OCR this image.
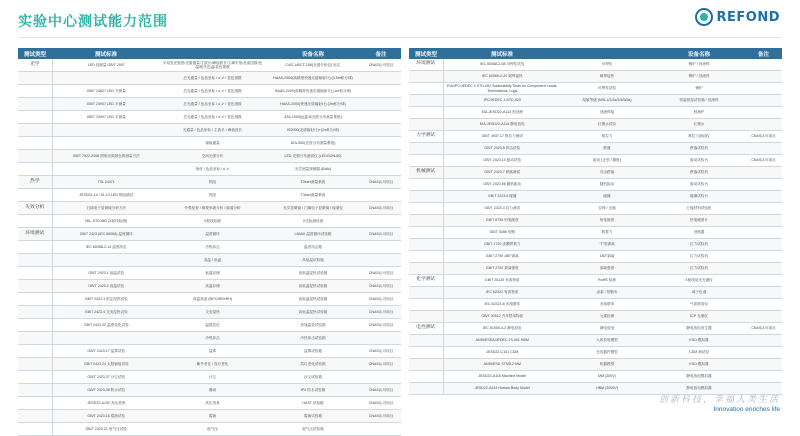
实验中心测试能力范围	REFOND
测试类型	测试标准		设备名称	备注
光学	LED 封测量 GB/T 2907	平均发光强度/光谱通量/主波长/峰值波长/主峰半宽/品质因数/色温/相关色温/显色指数	CAS-140CT-156(光谱分析仪) 标定	CNAS认可项目
		总光通量 / 色品坐标 / u',v' / 显色指数	HAAS-2000(高精度快速光谱辐射计) (0.5m积分球)	
	GB/T 24827 LED 外测量	总光通量 / 色品坐标 / u',v' / 显色指数	HAAS-2000(高精度快速光谱辐射计) (1m积分球)	
	GB/T 24907 LED 半测量	总光通量 / 色品坐标 / u',v' / 显色指数	HAAS-2000(快速光谱辐射计) (2m积分球)	
	GB/T 24907 LED 半测量	总光通量 / 色品坐标 / u',v' / 显色指数	ATA-1000(远距离光度分布测量系统)	
		光通量 / 色品坐标 / 主波长 / 峰值波长	IS2000(光谱辐射计)+(2m积分球)	
		辐射通量	ATA-500(光度分布测量系统)	
	GB/T 7922-2008 照明光源颜色的测量方法	空间光强分布	LED 光强分布测试仪 (LEDGON-60)	
		角度 / 色品坐标 / u',v'	光学测量探测器 (BAM)	
热学	T3L 24471	热阻	T3ster测量系统	CNAS认可项目
	JESD51-14 / 51-12 LED 热阻测试	热阻	T3ster测量系统	
失效分析	扫描电子显微镜分析方法	外观检查 / 微观形貌分析 / 能谱分析	光学显微镜 / 扫描电子显微镜 / 能谱仪	CNAS认可项目
	MIL-STD-883 (X射线检测)	X射线检测	X光检测设备	
环境测试	GB/T 2423 (IEC 60068) 温度循环	温度循环	LIMAX 温度循环试验箱	CNAS认可项目
	IEC 60068-2-14 温度冲击	冷热冲击	温度冲击箱	
		高温 / 低温	高低温试验箱	
	GB/T 2423.1 低温试验	低温存储	高低温湿热试验箱	CNAS认可项目
	GB/T 2423.2 高温试验	高温存储	高低温湿热试验箱	CNAS认可项目
	GB/T 2423.3 恒定湿热试验	高温高湿 (85°C/85%RH)	高低温湿热试验箱	CNAS认可项目
	GB/T 2423.4 交变湿热试验	交变湿热	高低温湿热试验箱	CNAS认可项目
	GB/T 2423.22 温度变化试验	温度变化	快速温变试验箱	CNAS认可项目
		冷热冲击	冷热冲击试验箱	
	GB/T 2423.17 盐雾试验	盐雾	盐雾试验箱	CNAS认可项目
	GB/T 2423.24 太阳辐射试验	紫外老化 / 氙灯老化	氙灯老化试验箱	CNAS认可项目
	GB/T 2423.37 沙尘试验	沙尘	沙尘试验箱	
	GB/T 2423.38 防水试验	淋雨	IPX 防水试验箱	CNAS认可项目
	JESD22-A102 高压蒸煮	高压蒸煮	HAST 试验箱	CNAS认可项目
	GB/T 2423.16 霉菌试验	霉菌	霉菌试验箱	CNAS认可项目
	GB/T 2423.21 低气压试验	低气压	低气压试验箱	
测试类型	测试标准		设备名称	备注
环境测试	IEC 60068-2-58 可焊性试验	可焊性	锡炉 / 回流焊	
	IEC 60068-2-20 耐焊接热	耐焊接热	锡炉 / 回流焊	
	EIA/IPC/JEDEC J-STD-002 Solderability Tests for Component Leads, Terminations, Lugs	可焊性试验	锡炉	
	IPC/JEDEC J-STD-020	湿敏等级 (MSL1/2/2a/3/4/5/5a)	恒温恒湿试验箱 / 回流焊	
	EIA-JESD22-A113 预处理	回流焊接	回流炉	
	EIA-JESD22-A114 静电放电	红墨水试验	红墨水	
力学测试	GB/T 4937.17 推拉力测试	推拉力	推拉力测试仪	CNAS认可项目
	GB/T 2423.5 冲击试验	跌落	跌落试验机	
	GB/T 2423.10 振动试验	振动 (正弦 / 随机)	振动试验台	CNAS认可项目
机械测试	GB/T 2423.7 跌落测试	自由跌落	跌落试验机	
	GB/T 2423.56 随机振动	随机振动	振动试验台	
	GB/T 2423.6 碰撞	碰撞	碰撞试验台	
	GB/T 2423.3 拉力测试	拉伸 / 压缩	万能材料试验机	
	GB/T 6739 铅笔硬度	铅笔硬度	铅笔硬度计	
	GB/T 9286 划格	附着力	划格器	
	GB/T 1720 漆膜附着力	“T”型剥离	拉力试验机	
	GB/T 2790 180°剥离	180°剥离	拉力试验机	
	GB/T 2792 剥离强度	剥离强度	拉力试验机	
化学测试	GB/T 26125 有害物质	RoHS 检测	X射线荧光光谱仪	
	IEC 62321 有害物质	卤素 / 铅镉汞	离子色谱	
	IEC 62321-6 多溴联苯	多溴联苯	气质联用仪	
	GB/T 30512 汽车禁用物质	元素检测	ICP 光谱仪	
电性测试	IEC 61000-4-2 静电放电	静电放电	静电放电发生器	CNAS认可项目
	ANSI/ESDA/JEDEC JS-001 HBM	人体放电模型	ESD 模拟器	
	JESD22-C101 CDM	充电器件模型	CDM 测试仪	
	ANSI/ESD STM5.2 MM	机器模型	ESD 模拟器	
	JESD22-A115 Machine Model	MM (200V)	静电放电模拟器	
	JESD22-A114 Human Body Model	HBM (2000V)	静电放电模拟器	
创新科技，幸福人类生活
Innovation enriches life
